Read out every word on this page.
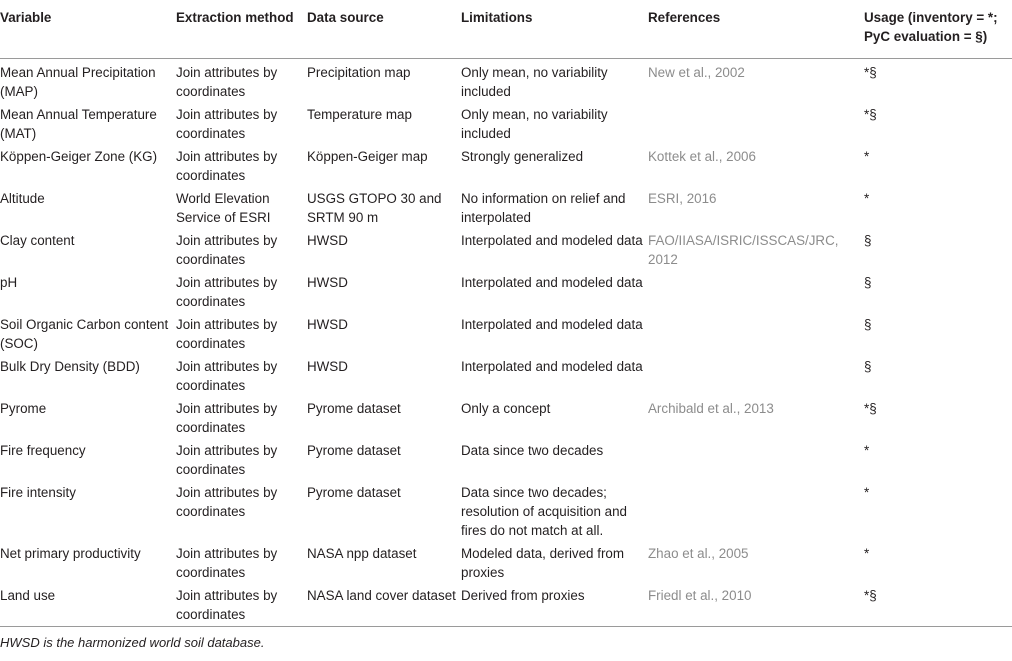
Variable	Extraction method	Data source	Limitations	References	Usage (inventory = *; PyC evaluation = §)
Mean Annual Precipitation (MAP)	Join attributes by coordinates	Precipitation map	Only mean, no variability included	New et al., 2002	*§
Mean Annual Temperature (MAT)	Join attributes by coordinates	Temperature map	Only mean, no variability included		*§
Köppen-Geiger Zone (KG)	Join attributes by coordinates	Köppen-Geiger map	Strongly generalized	Kottek et al., 2006	*
Altitude	World Elevation Service of ESRI	USGS GTOPO 30 and SRTM 90 m	No information on relief and interpolated	ESRI, 2016	*
Clay content	Join attributes by coordinates	HWSD	Interpolated and modeled data	FAO/IIASA/ISRIC/ISSCAS/JRC, 2012	§
pH	Join attributes by coordinates	HWSD	Interpolated and modeled data		§
Soil Organic Carbon content (SOC)	Join attributes by coordinates	HWSD	Interpolated and modeled data		§
Bulk Dry Density (BDD)	Join attributes by coordinates	HWSD	Interpolated and modeled data		§
Pyrome	Join attributes by coordinates	Pyrome dataset	Only a concept	Archibald et al., 2013	*§
Fire frequency	Join attributes by coordinates	Pyrome dataset	Data since two decades		*
Fire intensity	Join attributes by coordinates	Pyrome dataset	Data since two decades; resolution of acquisition and fires do not match at all.		*
Net primary productivity	Join attributes by coordinates	NASA npp dataset	Modeled data, derived from proxies	Zhao et al., 2005	*
Land use	Join attributes by coordinates	NASA land cover dataset	Derived from proxies	Friedl et al., 2010	*§
HWSD is the harmonized world soil database.
